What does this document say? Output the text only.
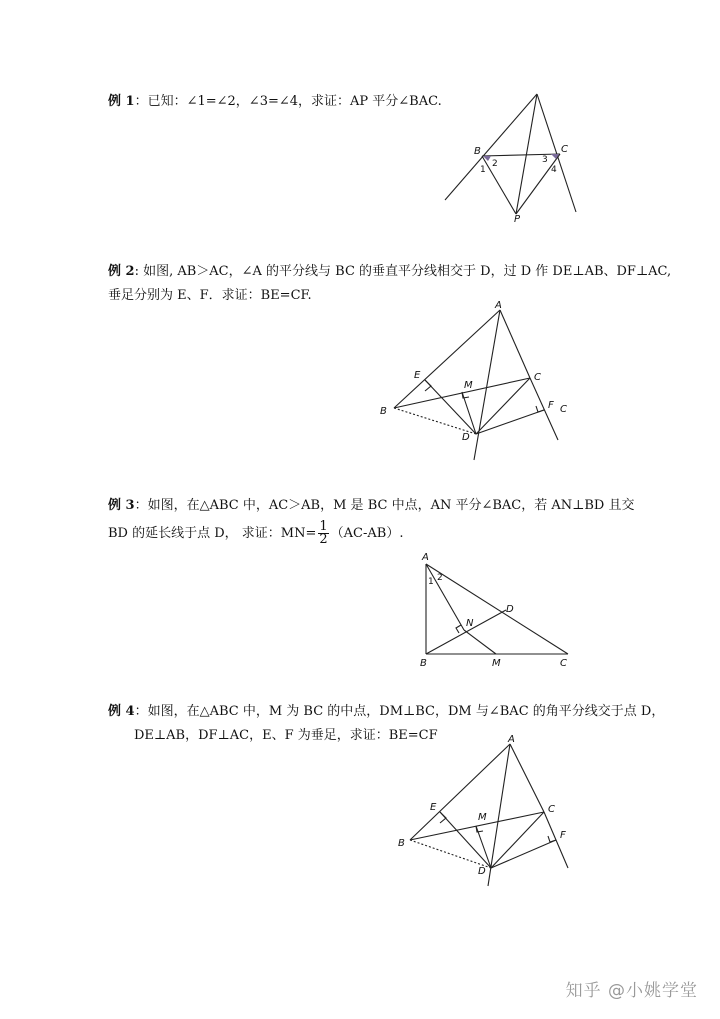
例 1：已知：∠1=∠2，∠3=∠4，求证：AP 平分∠BAC.
B	C
P
1
2	3
4
例 2: 如图, AB＞AC，∠A 的平分线与 BC 的垂直平分线相交于 D，过 D 作 DE⊥AB、DF⊥AC,
垂足分别为 E、F．求证：BE=CF.
A
B
C
D
E
F
M
C
例 3：如图，在△ABC 中，AC＞AB，M 是 BC 中点，AN 平分∠BAC，若 AN⊥BD 且交
BD 的延长线于点 D， 求证：$MN= \frac{1}{2} (AC-AB)$.
A
B	C
D
M
N
1 2
例 4：如图，在△ABC 中，M 为 BC 的中点，DM⊥BC，DM 与∠BAC 的角平分线交于点 D，
DE⊥AB，DF⊥AC，E、F 为垂足，求证：BE=CF	A
B
C
D
E
F
M
知乎 @小姚学堂
